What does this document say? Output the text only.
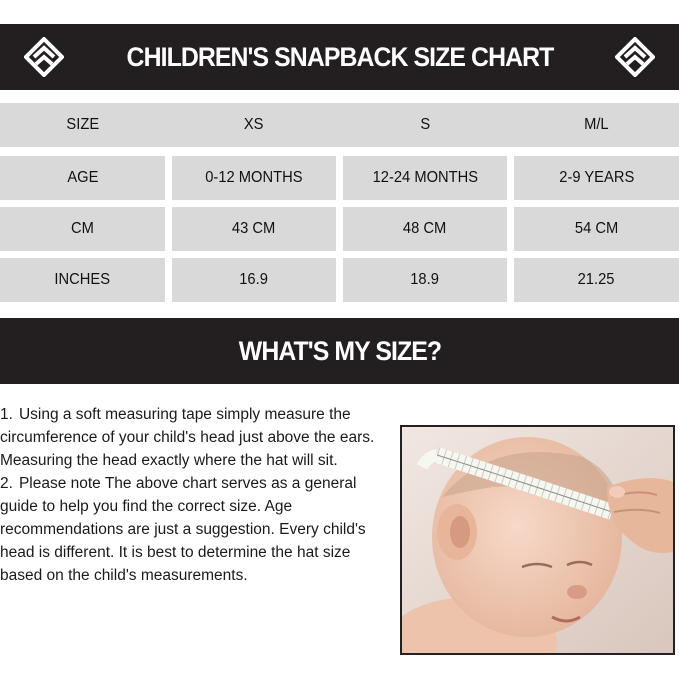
CHILDREN'S SNAPBACK SIZE CHART
SIZE	XS	S	M/L
AGE	0-12 MONTHS	12-24 MONTHS	2-9 YEARS
CM	43 CM	48 CM	54 CM
INCHES	16.9	18.9	21.25
WHAT'S MY SIZE?

1. Using a soft measuring tape simply measure the circumference of your child's head just above the ears. Measuring the head exactly where the hat will sit.

2. Please note The above chart serves as a general guide to help you find the correct size. Age recommendations are just a suggestion. Every child's head is different. It is best to determine the hat size based on the child's measurements.
